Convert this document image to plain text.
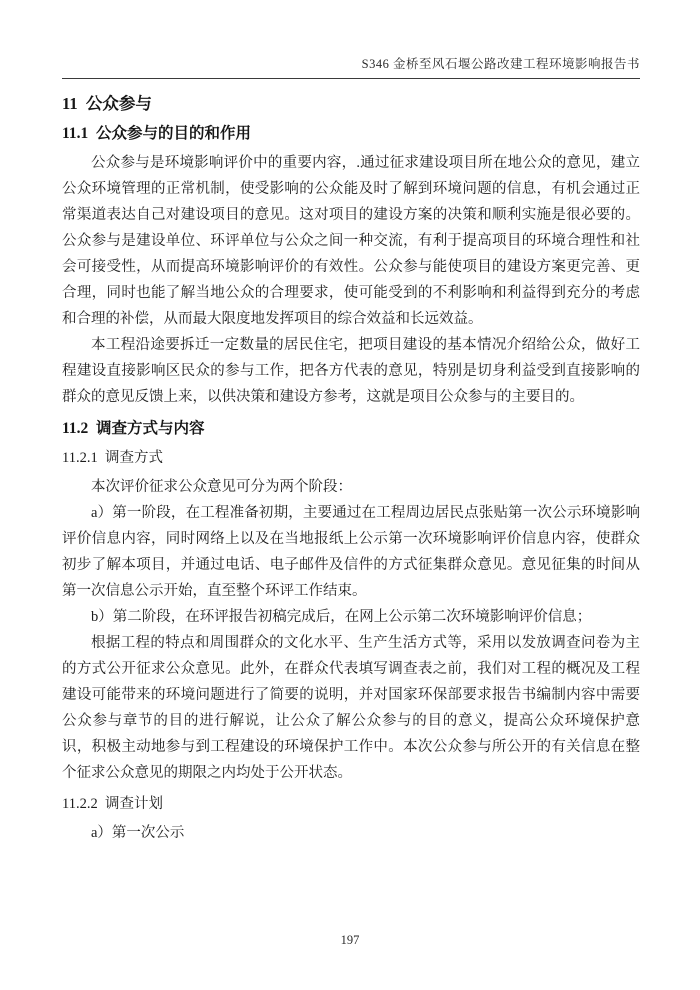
S346 金桥至风石堰公路改建工程环境影响报告书
11  公众参与
11.1  公众参与的目的和作用

公众参与是环境影响评价中的重要内容，.通过征求建设项目所在地公众的意见，建立公众环境管理的正常机制，使受影响的公众能及时了解到环境问题的信息，有机会通过正常渠道表达自己对建设项目的意见。这对项目的建设方案的决策和顺利实施是很必要的。公众参与是建设单位、环评单位与公众之间一种交流，有利于提高项目的环境合理性和社会可接受性，从而提高环境影响评价的有效性。公众参与能使项目的建设方案更完善、更合理，同时也能了解当地公众的合理要求，使可能受到的不利影响和利益得到充分的考虑和合理的补偿，从而最大限度地发挥项目的综合效益和长远效益。

本工程沿途要拆迁一定数量的居民住宅，把项目建设的基本情况介绍给公众，做好工程建设直接影响区民众的参与工作，把各方代表的意见，特别是切身利益受到直接影响的群众的意见反馈上来，以供决策和建设方参考，这就是项目公众参与的主要目的。

11.2  调查方式与内容
11.2.1  调查方式

本次评价征求公众意见可分为两个阶段：

a）第一阶段，在工程准备初期，主要通过在工程周边居民点张贴第一次公示环境影响评价信息内容，同时网络上以及在当地报纸上公示第一次环境影响评价信息内容，使群众初步了解本项目，并通过电话、电子邮件及信件的方式征集群众意见。意见征集的时间从第一次信息公示开始，直至整个环评工作结束。

b）第二阶段，在环评报告初稿完成后，在网上公示第二次环境影响评价信息；

根据工程的特点和周围群众的文化水平、生产生活方式等，采用以发放调查问卷为主的方式公开征求公众意见。此外，在群众代表填写调查表之前，我们对工程的概况及工程建设可能带来的环境问题进行了简要的说明，并对国家环保部要求报告书编制内容中需要公众参与章节的目的进行解说，让公众了解公众参与的目的意义，提高公众环境保护意识，积极主动地参与到工程建设的环境保护工作中。本次公众参与所公开的有关信息在整个征求公众意见的期限之内均处于公开状态。

11.2.2  调查计划

a）第一次公示

197
